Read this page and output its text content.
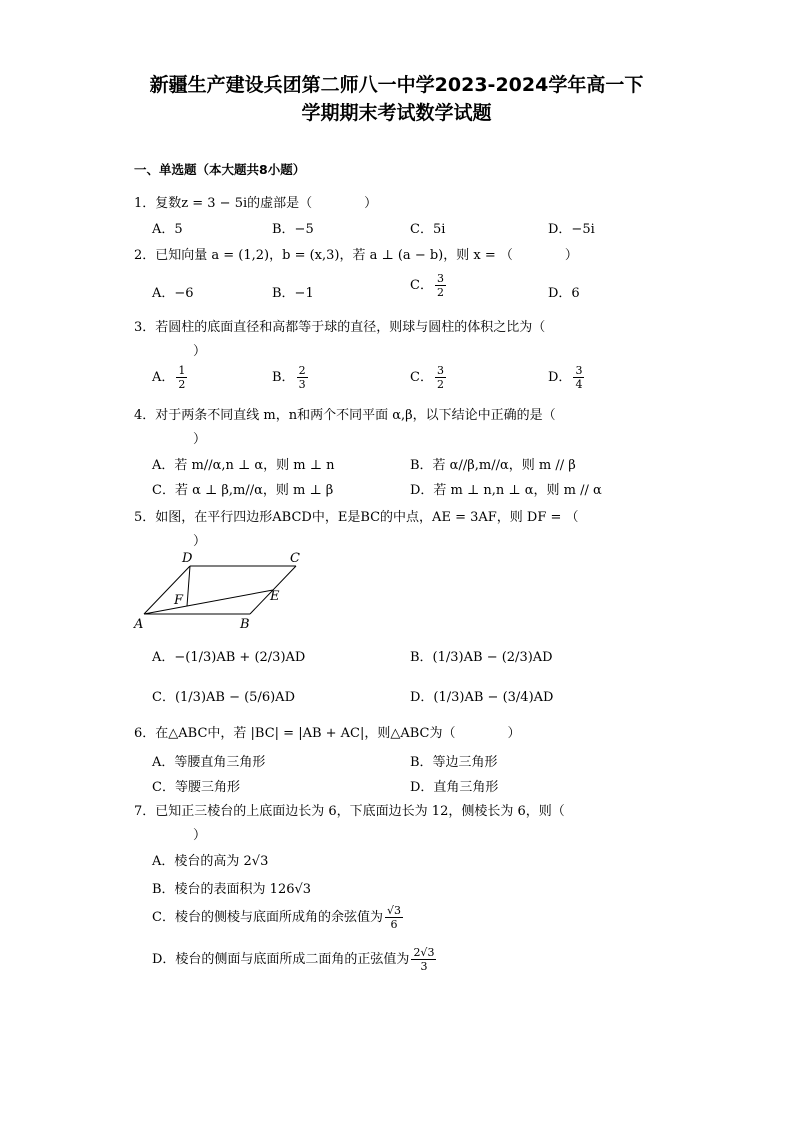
新疆生产建设兵团第二师八一中学2023-2024学年高一下
学期期末考试数学试题
一、单选题（本大题共8小题）
1．复数z = 3 − 5i的虚部是（　　　　）
A．5	B．−5	C．5i	D．−5i
2．已知向量 a = (1,2)，b = (x,3)，若 a ⊥ (a − b)，则 x = （　　　　）
A．−6	B．−1
C． $\frac{3}{2}$	D．6
3．若圆柱的底面直径和高都等于球的直径，则球与圆柱的体积之比为（
）
A． $\frac{1}{2}$	B． $\frac{2}{3}$	C． $\frac{3}{2}$	D． $\frac{3}{4}$
4．对于两条不同直线 m，n和两个不同平面 α,β，以下结论中正确的是（
）
A．若 m//α,n ⊥ α，则 m ⊥ n	B．若 α//β,m//α，则 m // β
C．若 α ⊥ β,m//α，则 m ⊥ β	D．若 m ⊥ n,n ⊥ α，则 m // α
5．如图，在平行四边形ABCD中，E是BC的中点，AE = 3AF，则 DF = （
）
D	C
A	B
E
F
A．−(1/3)AB + (2/3)AD	B．(1/3)AB − (2/3)AD
C．(1/3)AB − (5/6)AD	D．(1/3)AB − (3/4)AD
6．在△ABC中，若 |BC| = |AB + AC|，则△ABC为（　　　　）
A．等腰直角三角形	B．等边三角形
C．等腰三角形	D．直角三角形
7．已知正三棱台的上底面边长为 6，下底面边长为 12，侧棱长为 6，则（
）
A．棱台的高为 2√3
B．棱台的表面积为 126√3
C．棱台的侧棱与底面所成角的余弦值为 $\frac{√3}{6}$
D．棱台的侧面与底面所成二面角的正弦值为 $\frac{2√3}{3}$
